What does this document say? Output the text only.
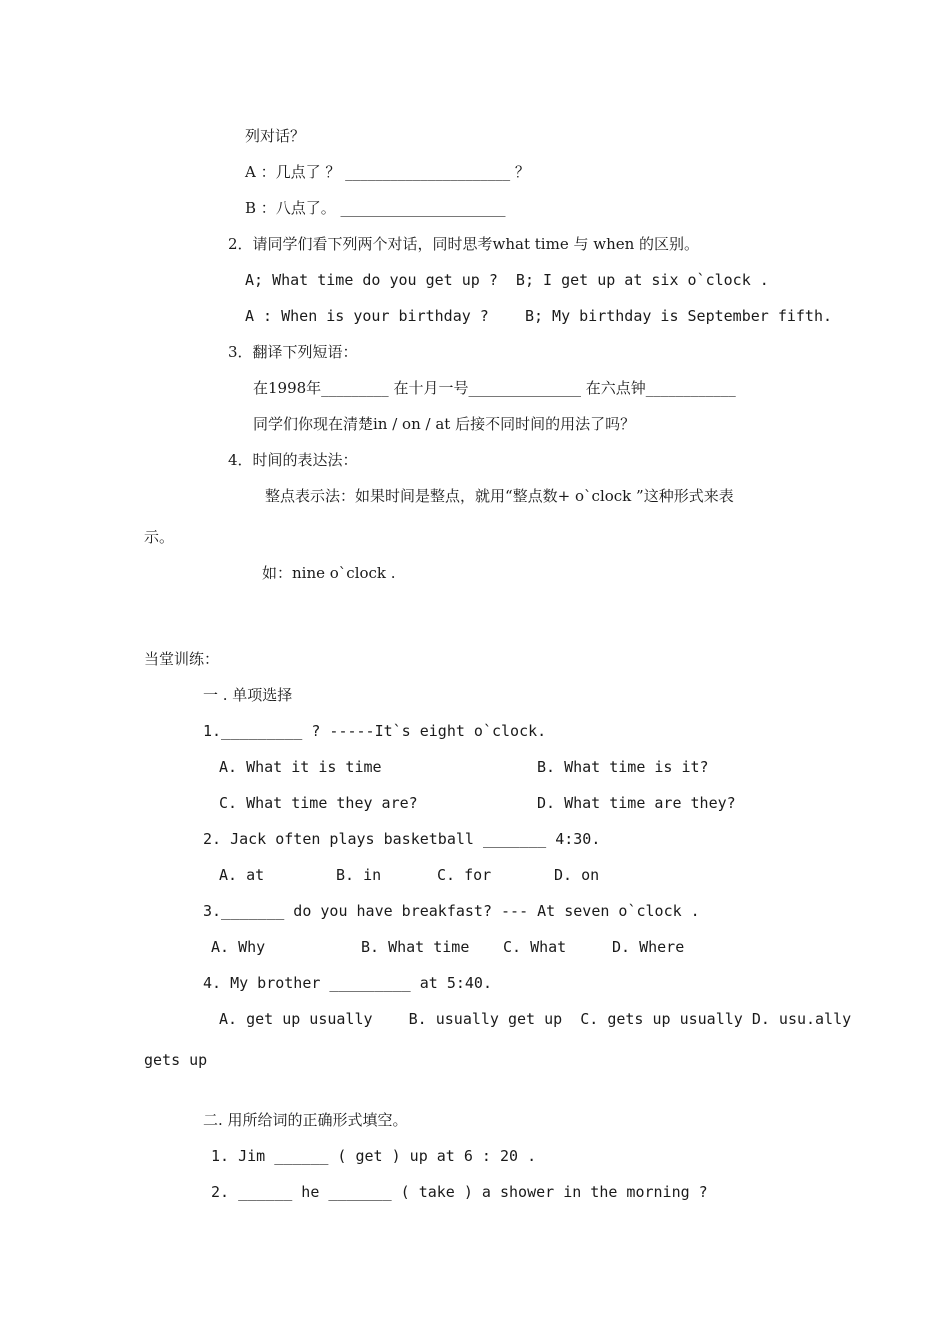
列对话？
A ：几点了 ？ ______________________ ？
B ：八点了。 ______________________
2．请同学们看下列两个对话，同时思考what time 与 when 的区别。
A; What time do you get up ?  B; I get up at six o`clock .
A : When is your birthday ?    B; My birthday is September fifth.
3．翻译下列短语：
在1998年_________ 在十月一号_______________ 在六点钟____________
同学们你现在清楚in / on / at 后接不同时间的用法了吗？
4．时间的表达法：
整点表示法：如果时间是整点，就用“整点数+ o`clock ”这种形式来表
示。
如：nine o`clock .
当堂训练：
一 . 单项选择
1._________ ? -----It`s eight o`clock.
A. What it is time	B. What time is it?
C. What time they are?	D. What time are they?
2. Jack often plays basketball _______ 4:30.
A. at	B. in	C. for	D. on
3._______ do you have breakfast? --- At seven o`clock .
A. Why	B. What time C. What	D. Where
4. My brother _________ at 5:40.
A. get up usually    B. usually get up  C. gets up usually D. usu.ally
gets up
二. 用所给词的正确形式填空。
1. Jim ______ ( get ) up at 6 : 20 .
2. ______ he _______ ( take ) a shower in the morning ?
